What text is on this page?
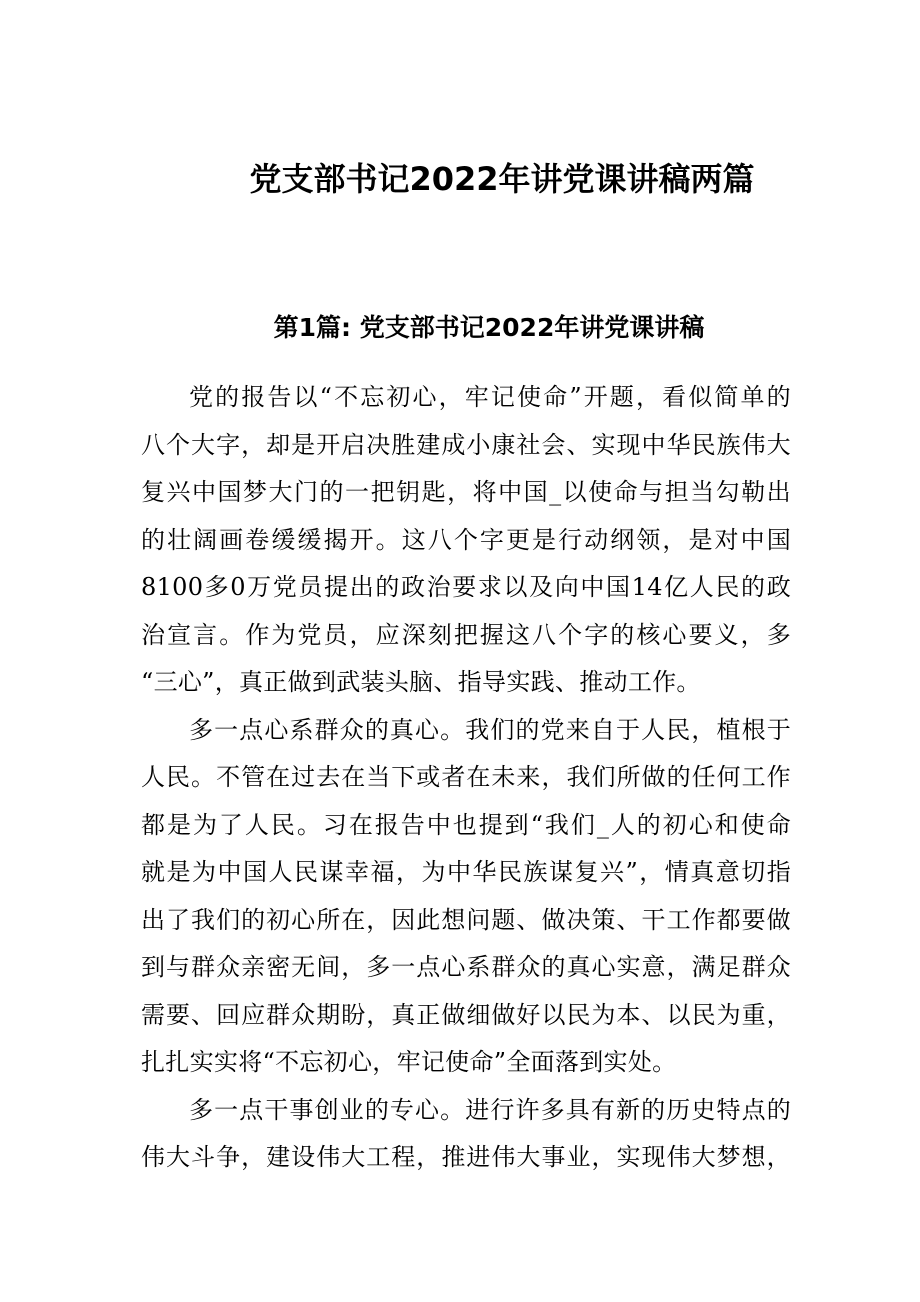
党支部书记2022年讲党课讲稿两篇
第1篇: 党支部书记2022年讲党课讲稿

党的报告以“不忘初心，牢记使命”开题，看似简单的
八个大字，却是开启决胜建成小康社会、实现中华民族伟大
复兴中国梦大门的一把钥匙，将中国_以使命与担当勾勒出
的壮阔画卷缓缓揭开。这八个字更是行动纲领，是对中国
8100多0万党员提出的政治要求以及向中国14亿人民的政
治宣言。作为党员，应深刻把握这八个字的核心要义，多
“三心”，真正做到武装头脑、指导实践、推动工作。

多一点心系群众的真心。我们的党来自于人民，植根于
人民。不管在过去在当下或者在未来，我们所做的任何工作
都是为了人民。习在报告中也提到“我们_人的初心和使命
就是为中国人民谋幸福，为中华民族谋复兴”，情真意切指
出了我们的初心所在，因此想问题、做决策、干工作都要做
到与群众亲密无间，多一点心系群众的真心实意，满足群众
需要、回应群众期盼，真正做细做好以民为本、以民为重，
扎扎实实将“不忘初心，牢记使命”全面落到实处。

多一点干事创业的专心。进行许多具有新的历史特点的
伟大斗争，建设伟大工程，推进伟大事业，实现伟大梦想，
